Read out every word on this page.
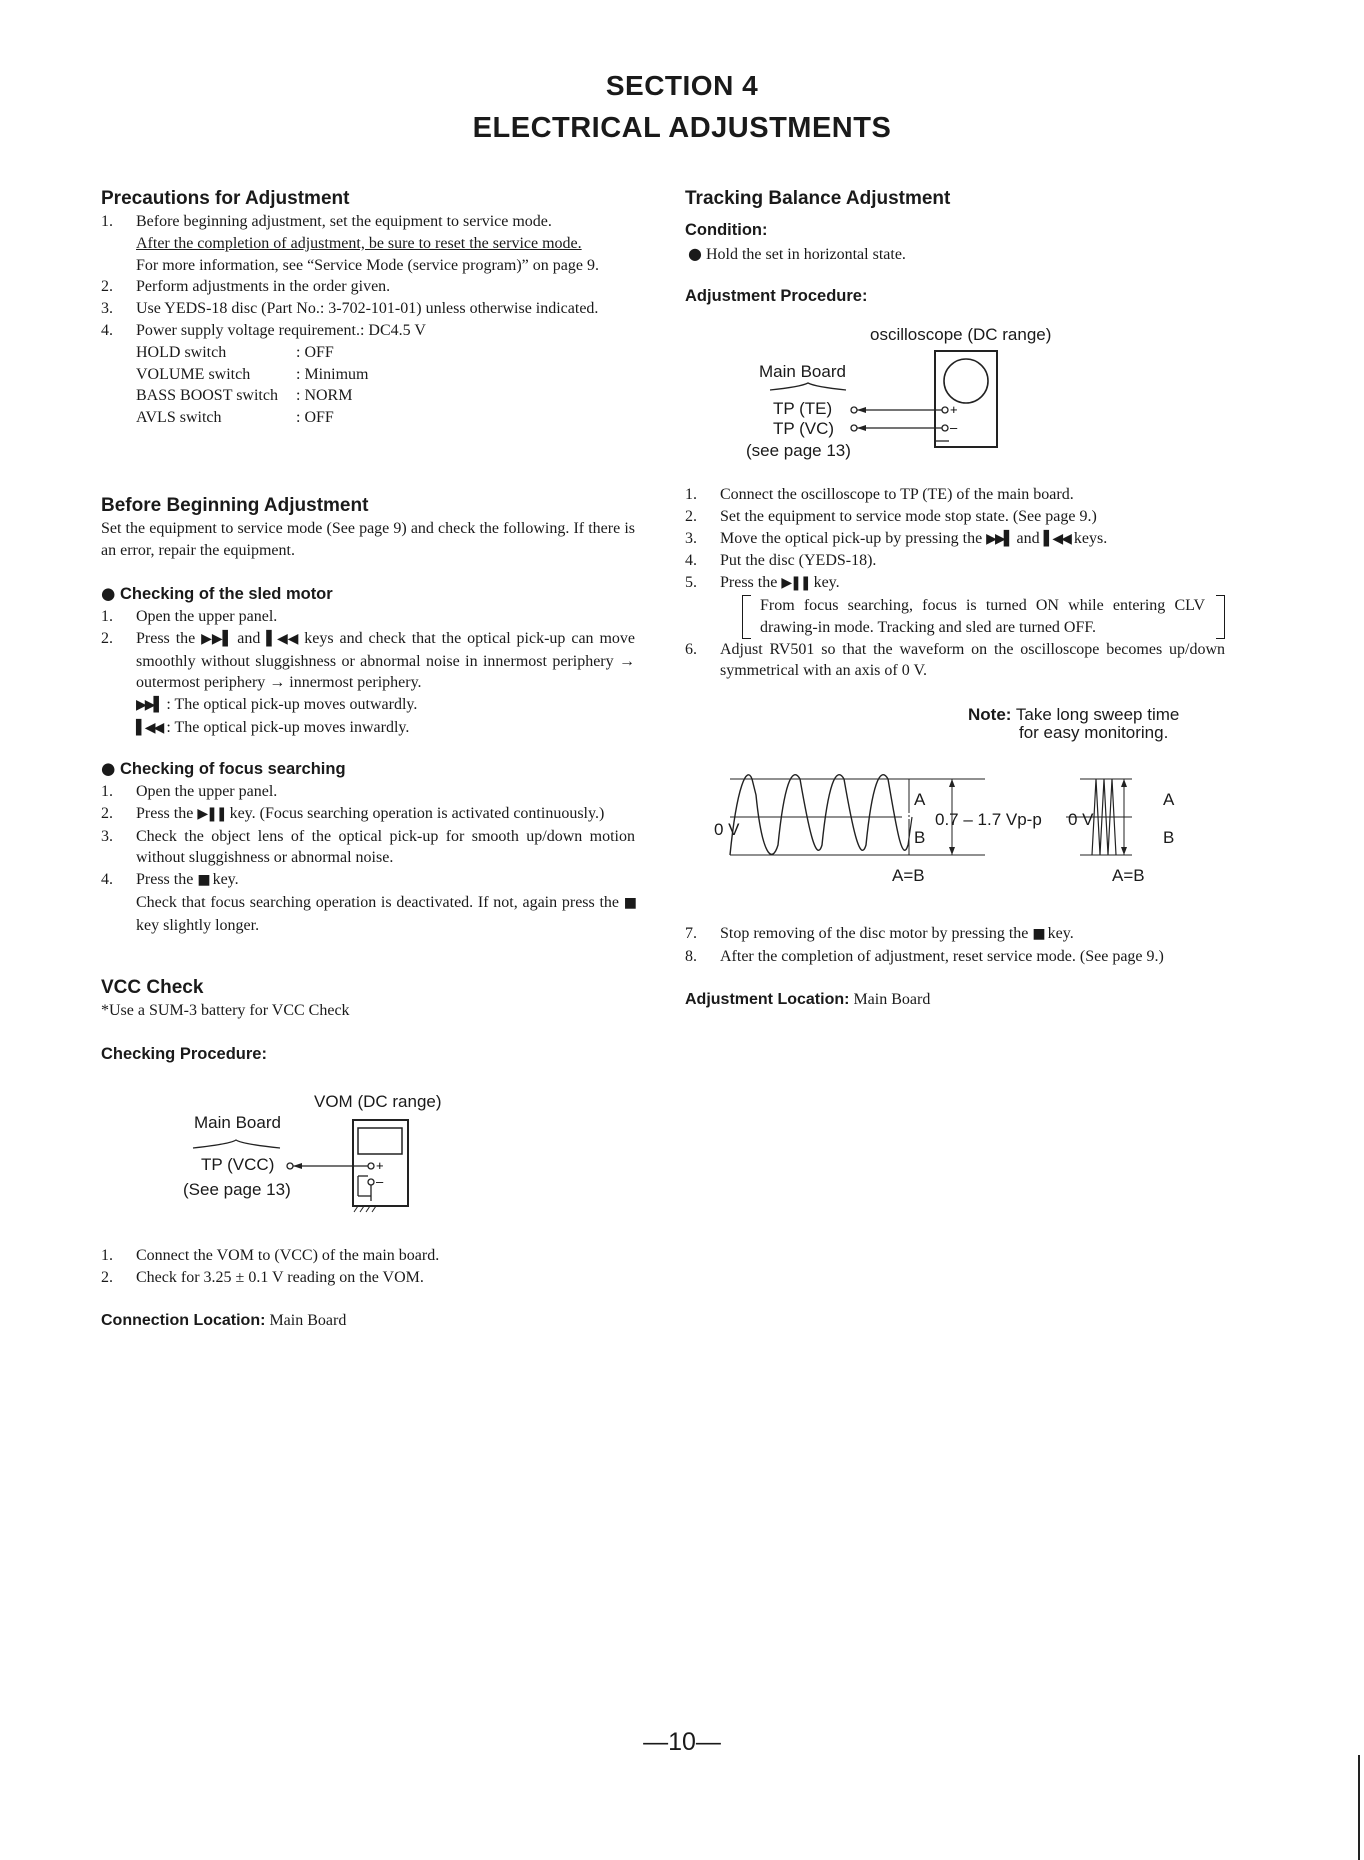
SECTION 4
ELECTRICAL ADJUSTMENTS
Precautions for Adjustment
1. Before beginning adjustment, set the equipment to service mode.
After the completion of adjustment, be sure to reset the service mode.
For more information, see “Service Mode (service program)” on page 9.
2. Perform adjustments in the order given.
3. Use YEDS-18 disc (Part No.: 3-702-101-01) unless otherwise indicated.
4. Power supply voltage requirement.: DC4.5 V
HOLD switch	: OFF
VOLUME switch	: Minimum
BASS BOOST switch	: NORM
AVLS switch	: OFF
Before Beginning Adjustment
Set the equipment to service mode (See page 9) and check the following. If there is an error, repair the equipment.
● Checking of the sled motor
1. Open the upper panel.
2. Press the ▶▶▌ and ▌◀◀ keys and check that the optical pick-up can move smoothly without sluggishness or abnormal noise in innermost periphery → outermost periphery → innermost periphery.
▶▶▌ : The optical pick-up moves outwardly.
▌◀◀ : The optical pick-up moves inwardly.
● Checking of focus searching
1. Open the upper panel.
2. Press the ▶❚❚ key. (Focus searching operation is activated continuously.)
3. Check the object lens of the optical pick-up for smooth up/down motion without sluggishness or abnormal noise.
4. Press the ■ key.
Check that focus searching operation is deactivated. If not, again press the ■ key slightly longer.
VCC Check
*Use a SUM-3 battery for VCC Check
Checking Procedure:
VOM (DC range)
Main Board
TP (VCC)
(See page 13)
+
–
1. Connect the VOM to (VCC) of the main board.
2. Check for 3.25 ± 0.1 V reading on the VOM.
Connection Location: Main Board
Tracking Balance Adjustment
Condition:
● Hold the set in horizontal state.
Adjustment Procedure:
oscilloscope (DC range)
Main Board
TP (TE)
TP (VC)
(see page 13)
+
–
1. Connect the oscilloscope to TP (TE) of the main board.
2. Set the equipment to service mode stop state. (See page 9.)
3. Move the optical pick-up by pressing the ▶▶▌ and ▌◀◀ keys.
4. Put the disc (YEDS-18).
5. Press the ▶❚❚ key.
From focus searching, focus is turned ON while entering CLV drawing-in mode. Tracking and sled are turned OFF.
6. Adjust RV501 so that the waveform on the oscilloscope becomes up/down symmetrical with an axis of 0 V.
Note: Take long sweep time
for easy monitoring.
0 V
A
B
0.7 – 1.7 Vp-p
A=B
0 V
A
B
A=B
7. Stop removing of the disc motor by pressing the ■ key.
8. After the completion of adjustment, reset service mode. (See page 9.)
Adjustment Location: Main Board
—10—
